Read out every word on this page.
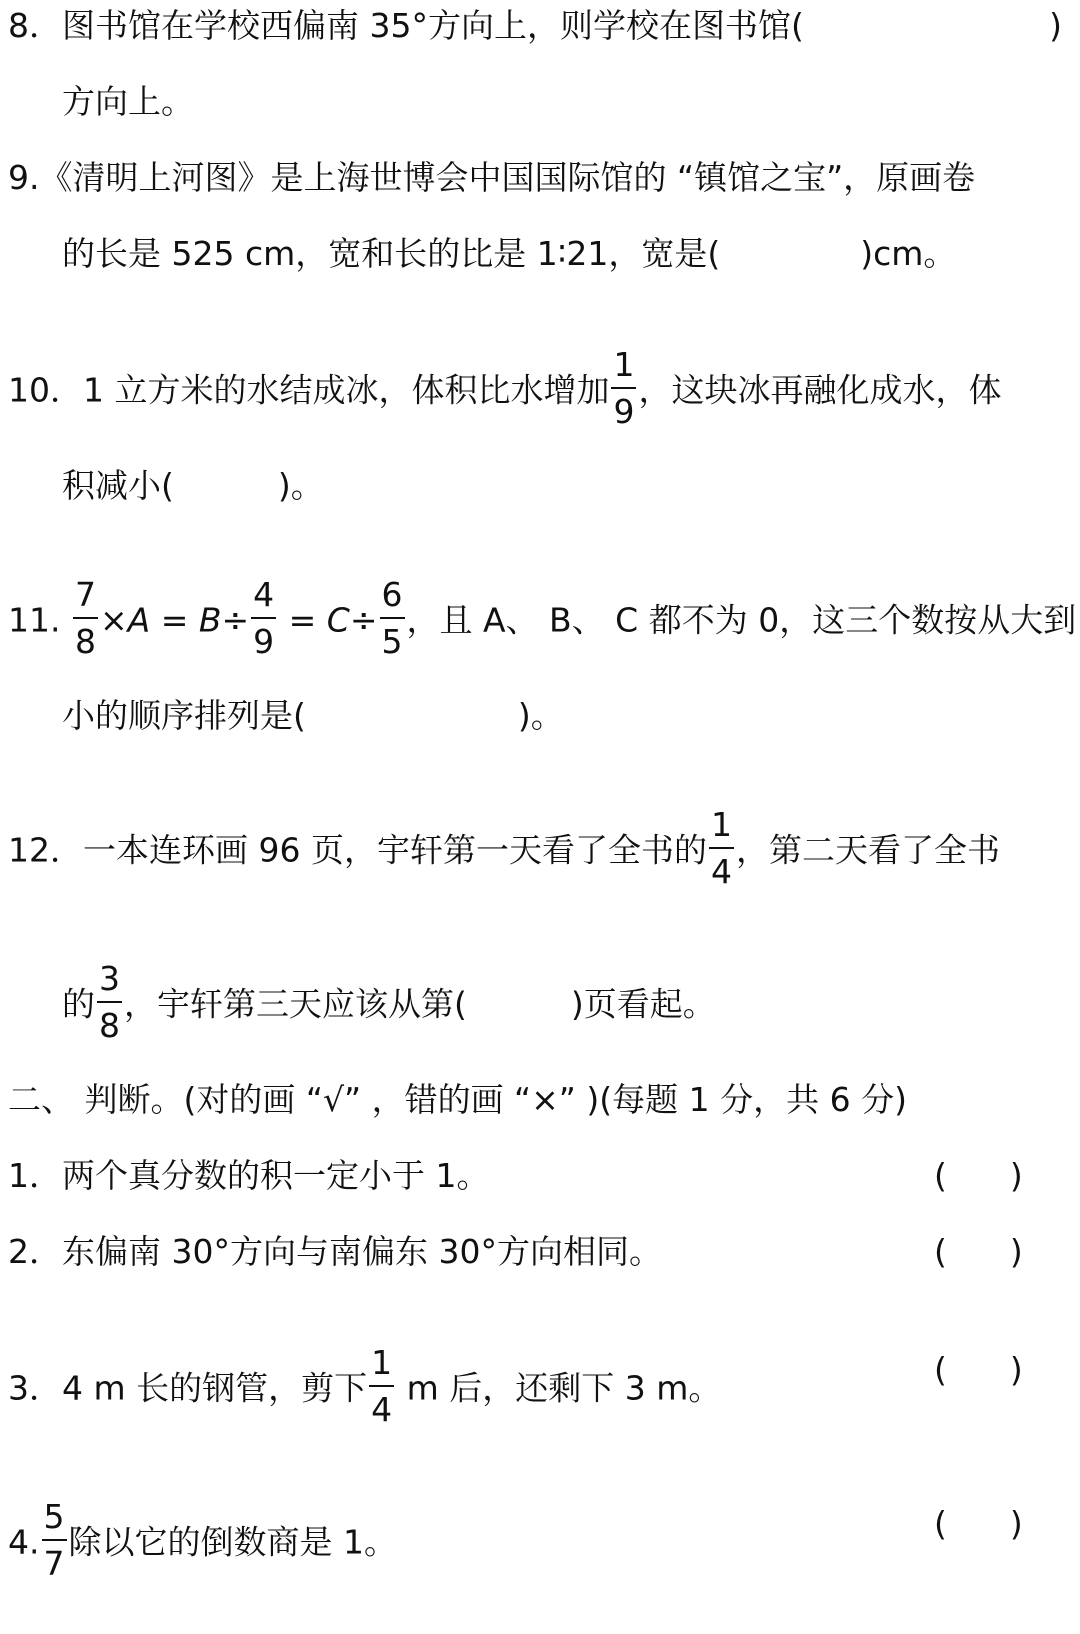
8．图书馆在学校西偏南 35°方向上，则学校在图书馆(	)
方向上。
9.《清明上河图》是上海世博会中国国际馆的 “镇馆之宝”，原画卷
的长是 525 cm，宽和长的比是 1∶21，宽是(	)cm。
10．1 立方米的水结成冰，体积比水增加 $\frac{1}{9}$ ，这块冰再融化成水，体
积减小(	)。
11. $\frac{7}{8} \times A = B\div \frac{4}{9} = C\div \frac{6}{5}$ ，且 A、 B、 C 都不为 0，这三个数按从大到
小的顺序排列是(	)。
12．一本连环画 96 页，宇轩第一天看了全书的 $\frac{1}{4}$ ，第二天看了全书
的 $\frac{3}{8}$ ，宇轩第三天应该从第(	)页看起。
二、 判断。(对的画 “√” ，错的画 “×” )(每题 1 分，共 6 分)
1．两个真分数的积一定小于 1。	(      )
2．东偏南 30°方向与南偏东 30°方向相同。	(      )
3．4 m 长的钢管，剪下 $\frac{1}{4}$ m 后，还剩下 3 m。	(      )
4. $\frac{5}{7}$ 除以它的倒数商是 1。	(      )
